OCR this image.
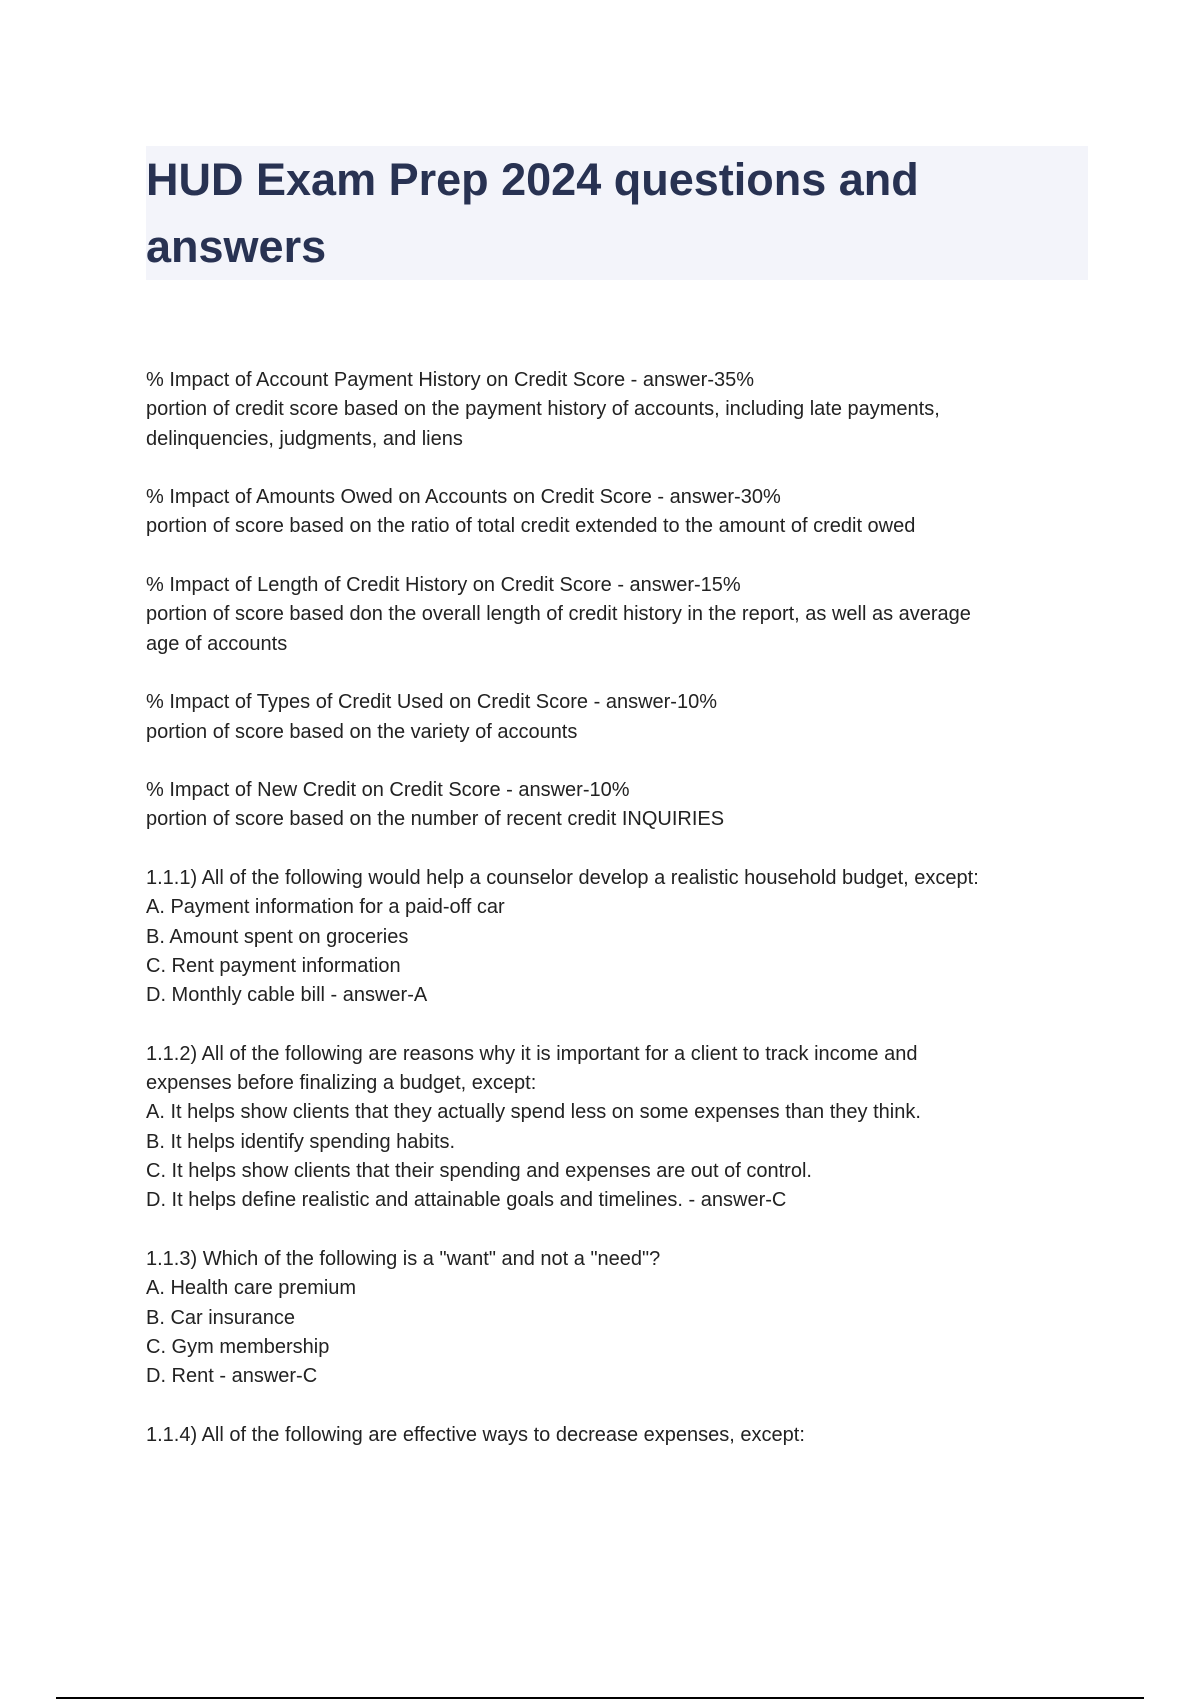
HUD Exam Prep 2024 questions and answers
% Impact of Account Payment History on Credit Score - answer-35%
portion of credit score based on the payment history of accounts, including late payments,
delinquencies, judgments, and liens
% Impact of Amounts Owed on Accounts on Credit Score - answer-30%
portion of score based on the ratio of total credit extended to the amount of credit owed
% Impact of Length of Credit History on Credit Score - answer-15%
portion of score based don the overall length of credit history in the report, as well as average
age of accounts
% Impact of Types of Credit Used on Credit Score - answer-10%
portion of score based on the variety of accounts
% Impact of New Credit on Credit Score - answer-10%
portion of score based on the number of recent credit INQUIRIES
1.1.1) All of the following would help a counselor develop a realistic household budget, except:
A. Payment information for a paid-off car
B. Amount spent on groceries
C. Rent payment information
D. Monthly cable bill - answer-A
1.1.2) All of the following are reasons why it is important for a client to track income and
expenses before finalizing a budget, except:
A. It helps show clients that they actually spend less on some expenses than they think.
B. It helps identify spending habits.
C. It helps show clients that their spending and expenses are out of control.
D. It helps define realistic and attainable goals and timelines. - answer-C
1.1.3) Which of the following is a "want" and not a "need"?
A. Health care premium
B. Car insurance
C. Gym membership
D. Rent - answer-C
1.1.4) All of the following are effective ways to decrease expenses, except:
